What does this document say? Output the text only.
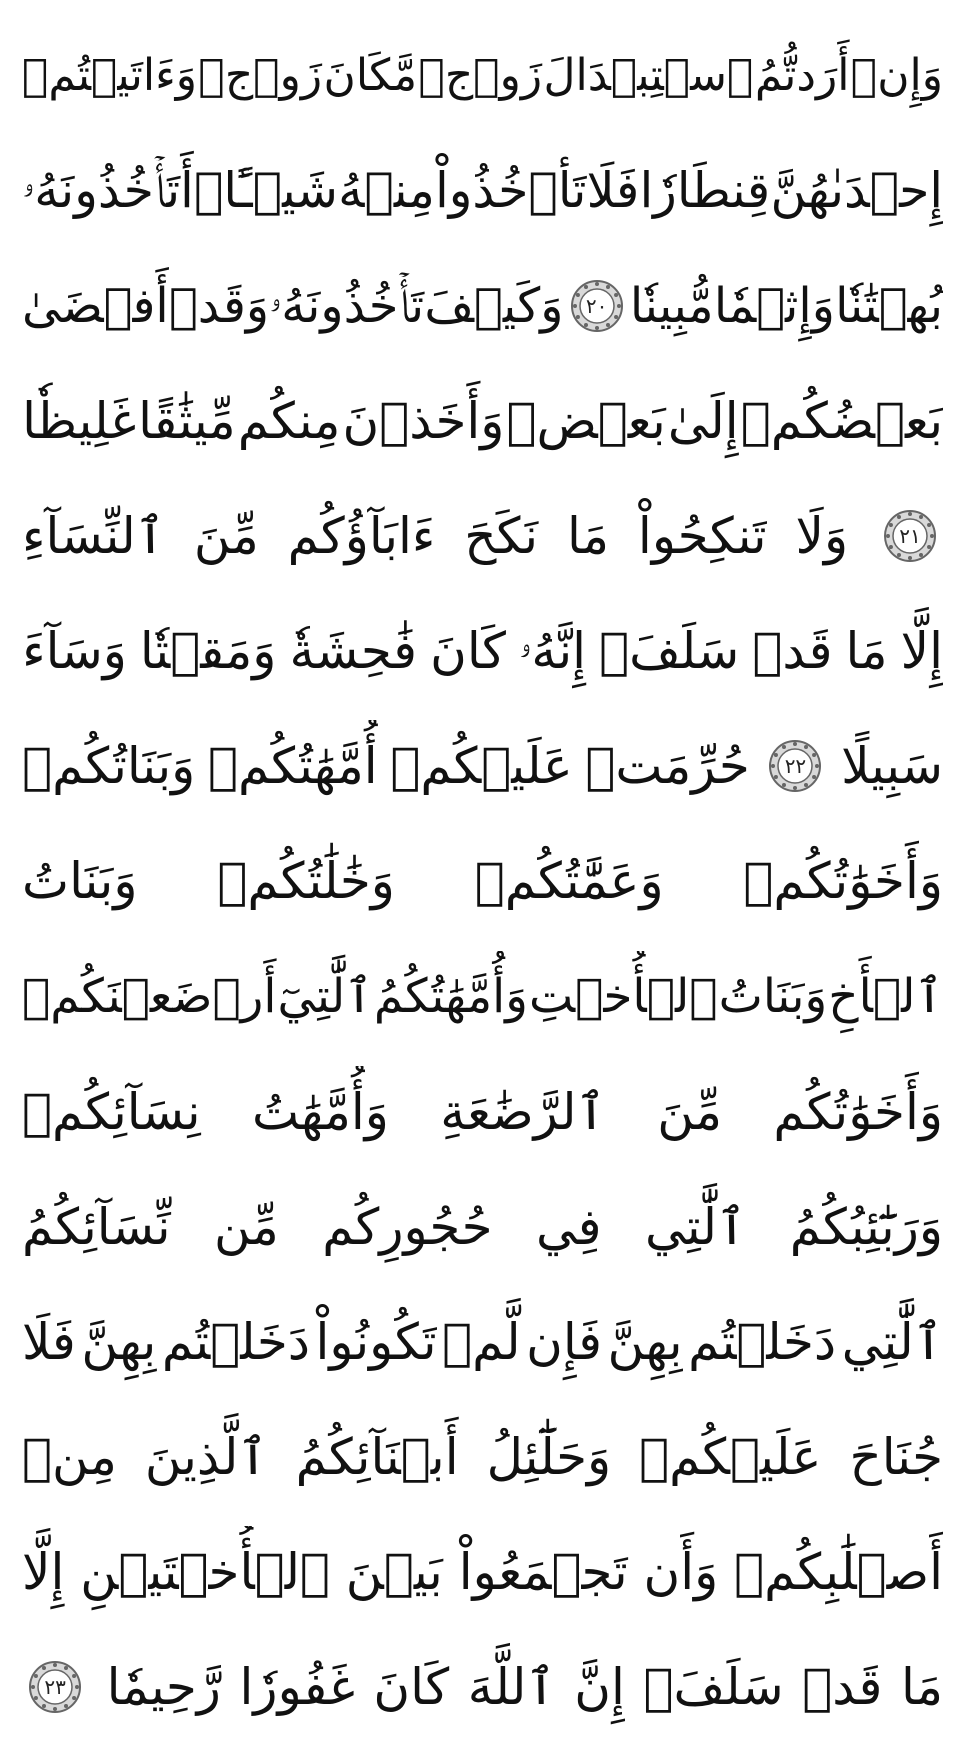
وَإِنۡ
أَرَدتُّمُ
ٱسۡتِبۡدَالَ
زَوۡجٖ
مَّكَانَ
زَوۡجٖ
وَءَاتَيۡتُمۡ
إِحۡدَىٰهُنَّ
قِنطَارٗا
فَلَا
تَأۡخُذُواْ
مِنۡهُ
شَيۡـًٔاۚ
أَتَأۡخُذُونَهُۥ
بُهۡتَٰنٗا
وَإِثۡمٗا
مُّبِينٗا
٢٠
وَكَيۡفَ
تَأۡخُذُونَهُۥ
وَقَدۡ
أَفۡضَىٰ
بَعۡضُكُمۡ
إِلَىٰ
بَعۡضٖ
وَأَخَذۡنَ
مِنكُم
مِّيثَٰقًا
غَلِيظٗا
٢١
وَلَا
تَنكِحُواْ
مَا
نَكَحَ
ءَابَآؤُكُم
مِّنَ
ٱلنِّسَآءِ
إِلَّا
مَا
قَدۡ
سَلَفَۚ
إِنَّهُۥ
كَانَ
فَٰحِشَةٗ
وَمَقۡتٗا
وَسَآءَ
سَبِيلًا
٢٢
حُرِّمَتۡ
عَلَيۡكُمۡ
أُمَّهَٰتُكُمۡ
وَبَنَاتُكُمۡ
وَأَخَوَٰتُكُمۡ
وَعَمَّٰتُكُمۡ
وَخَٰلَٰتُكُمۡ
وَبَنَاتُ
ٱلۡأَخِ
وَبَنَاتُ
ٱلۡأُخۡتِ
وَأُمَّهَٰتُكُمُ
ٱلَّٰتِيٓ
أَرۡضَعۡنَكُمۡ
وَأَخَوَٰتُكُم
مِّنَ
ٱلرَّضَٰعَةِ
وَأُمَّهَٰتُ
نِسَآئِكُمۡ
وَرَبَٰٓئِبُكُمُ
ٱلَّٰتِي
فِي
حُجُورِكُم
مِّن
نِّسَآئِكُمُ
ٱلَّٰتِي
دَخَلۡتُم
بِهِنَّ
فَإِن
لَّمۡ
تَكُونُواْ
دَخَلۡتُم
بِهِنَّ
فَلَا
جُنَاحَ
عَلَيۡكُمۡ
وَحَلَٰٓئِلُ
أَبۡنَآئِكُمُ
ٱلَّذِينَ
مِنۡ
أَصۡلَٰبِكُمۡ
وَأَن
تَجۡمَعُواْ
بَيۡنَ
ٱلۡأُخۡتَيۡنِ
إِلَّا
مَا
قَدۡ
سَلَفَۗ
إِنَّ
ٱللَّهَ
كَانَ
غَفُورٗا
رَّحِيمٗا
٢٣
